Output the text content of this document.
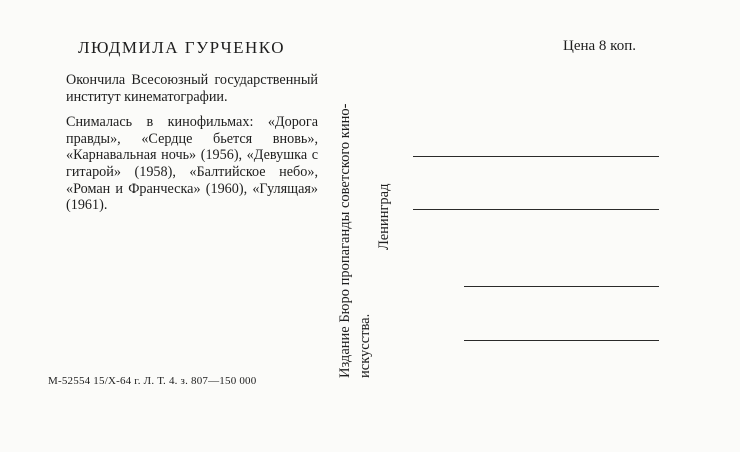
ЛЮДМИЛА ГУРЧЕНКО

Окончила Всесоюзный государственный институт кинематографии.

Снималась в кинофильмах: «Дорога правды», «Сердце бьется вновь», «Карнавальная ночь» (1956), «Девушка с гитарой» (1958), «Балтийское небо», «Роман и Франческа» (1960), «Гулящая» (1961).

М-52554 15/X-64 г. Л. Т. 4. з. 807—150 000
Издание Бюро пропаганды советского кино- искусства.
Ленинград
Цена 8 коп.
